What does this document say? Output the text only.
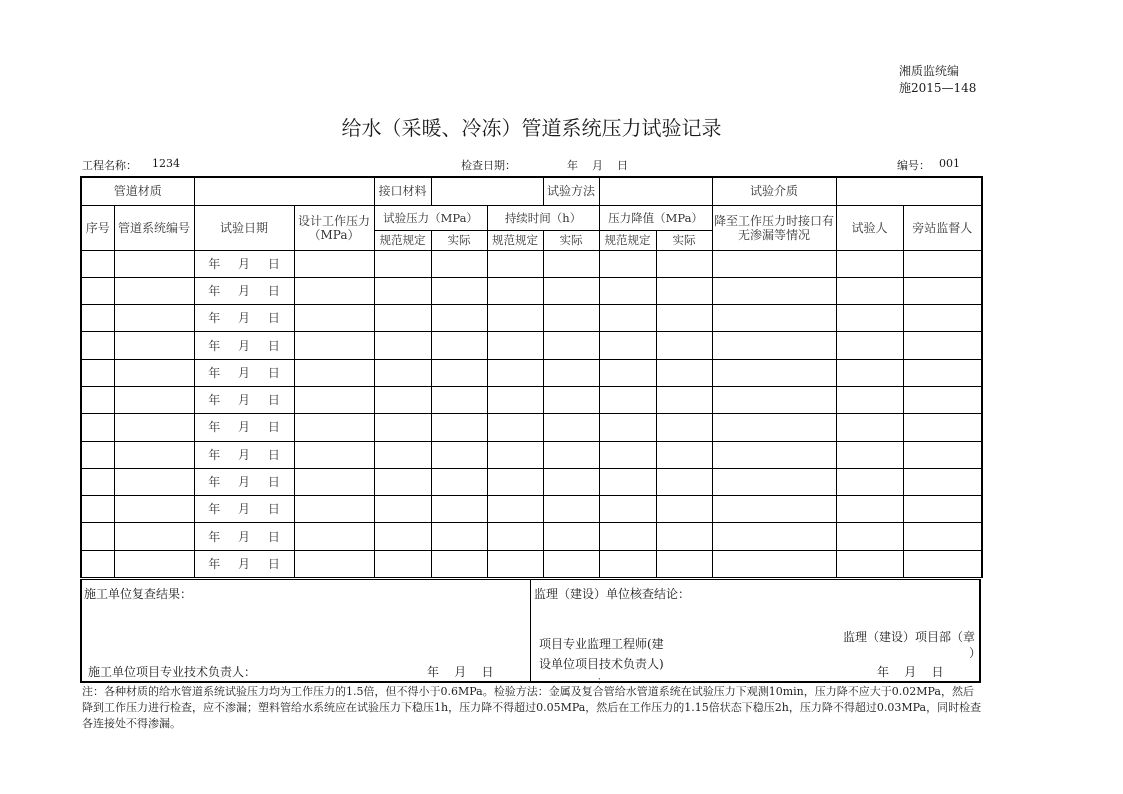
湘质监统编
施2015—148
给水（采暖、冷冻）管道系统压力试验记录
工程名称： 1234	检查日期：	年    月    日	编号： 001
管道材质				接口材料			试验方法			试验介质		
序号	管道系统编号	试验日期	设计工作压力（MPa）	试验压力（MPa）		持续时间（h）		压力降值（MPa）		降至工作压力时接口有无渗漏等情况	试验人	旁站监督人
				规范规定	实际	规范规定	实际	规范规定	实际			
		年 月 日										
		年 月 日										
		年 月 日										
		年 月 日										
		年 月 日										
		年 月 日										
		年 月 日										
		年 月 日										
		年 月 日										
		年 月 日										
		年 月 日										
		年 月 日										
施工单位复查结果：
施工单位项目专业技术负责人：	年    月    日
监理（建设）单位核查结论：
项目专业监理工程师(建
设单位项目技术负责人)
：
监理（建设）项目部（章
）
年    月    日
注：各种材质的给水管道系统试验压力均为工作压力的1.5倍，但不得小于0.6MPa。检验方法：金属及复合管给水管道系统在试验压力下观测10min，压力降不应大于0.02MPa，然后降到工作压力进行检查，应不渗漏；塑料管给水系统应在试验压力下稳压1h，压力降不得超过0.05MPa，然后在工作压力的1.15倍状态下稳压2h，压力降不得超过0.03MPa，同时检查各连接处不得渗漏。
